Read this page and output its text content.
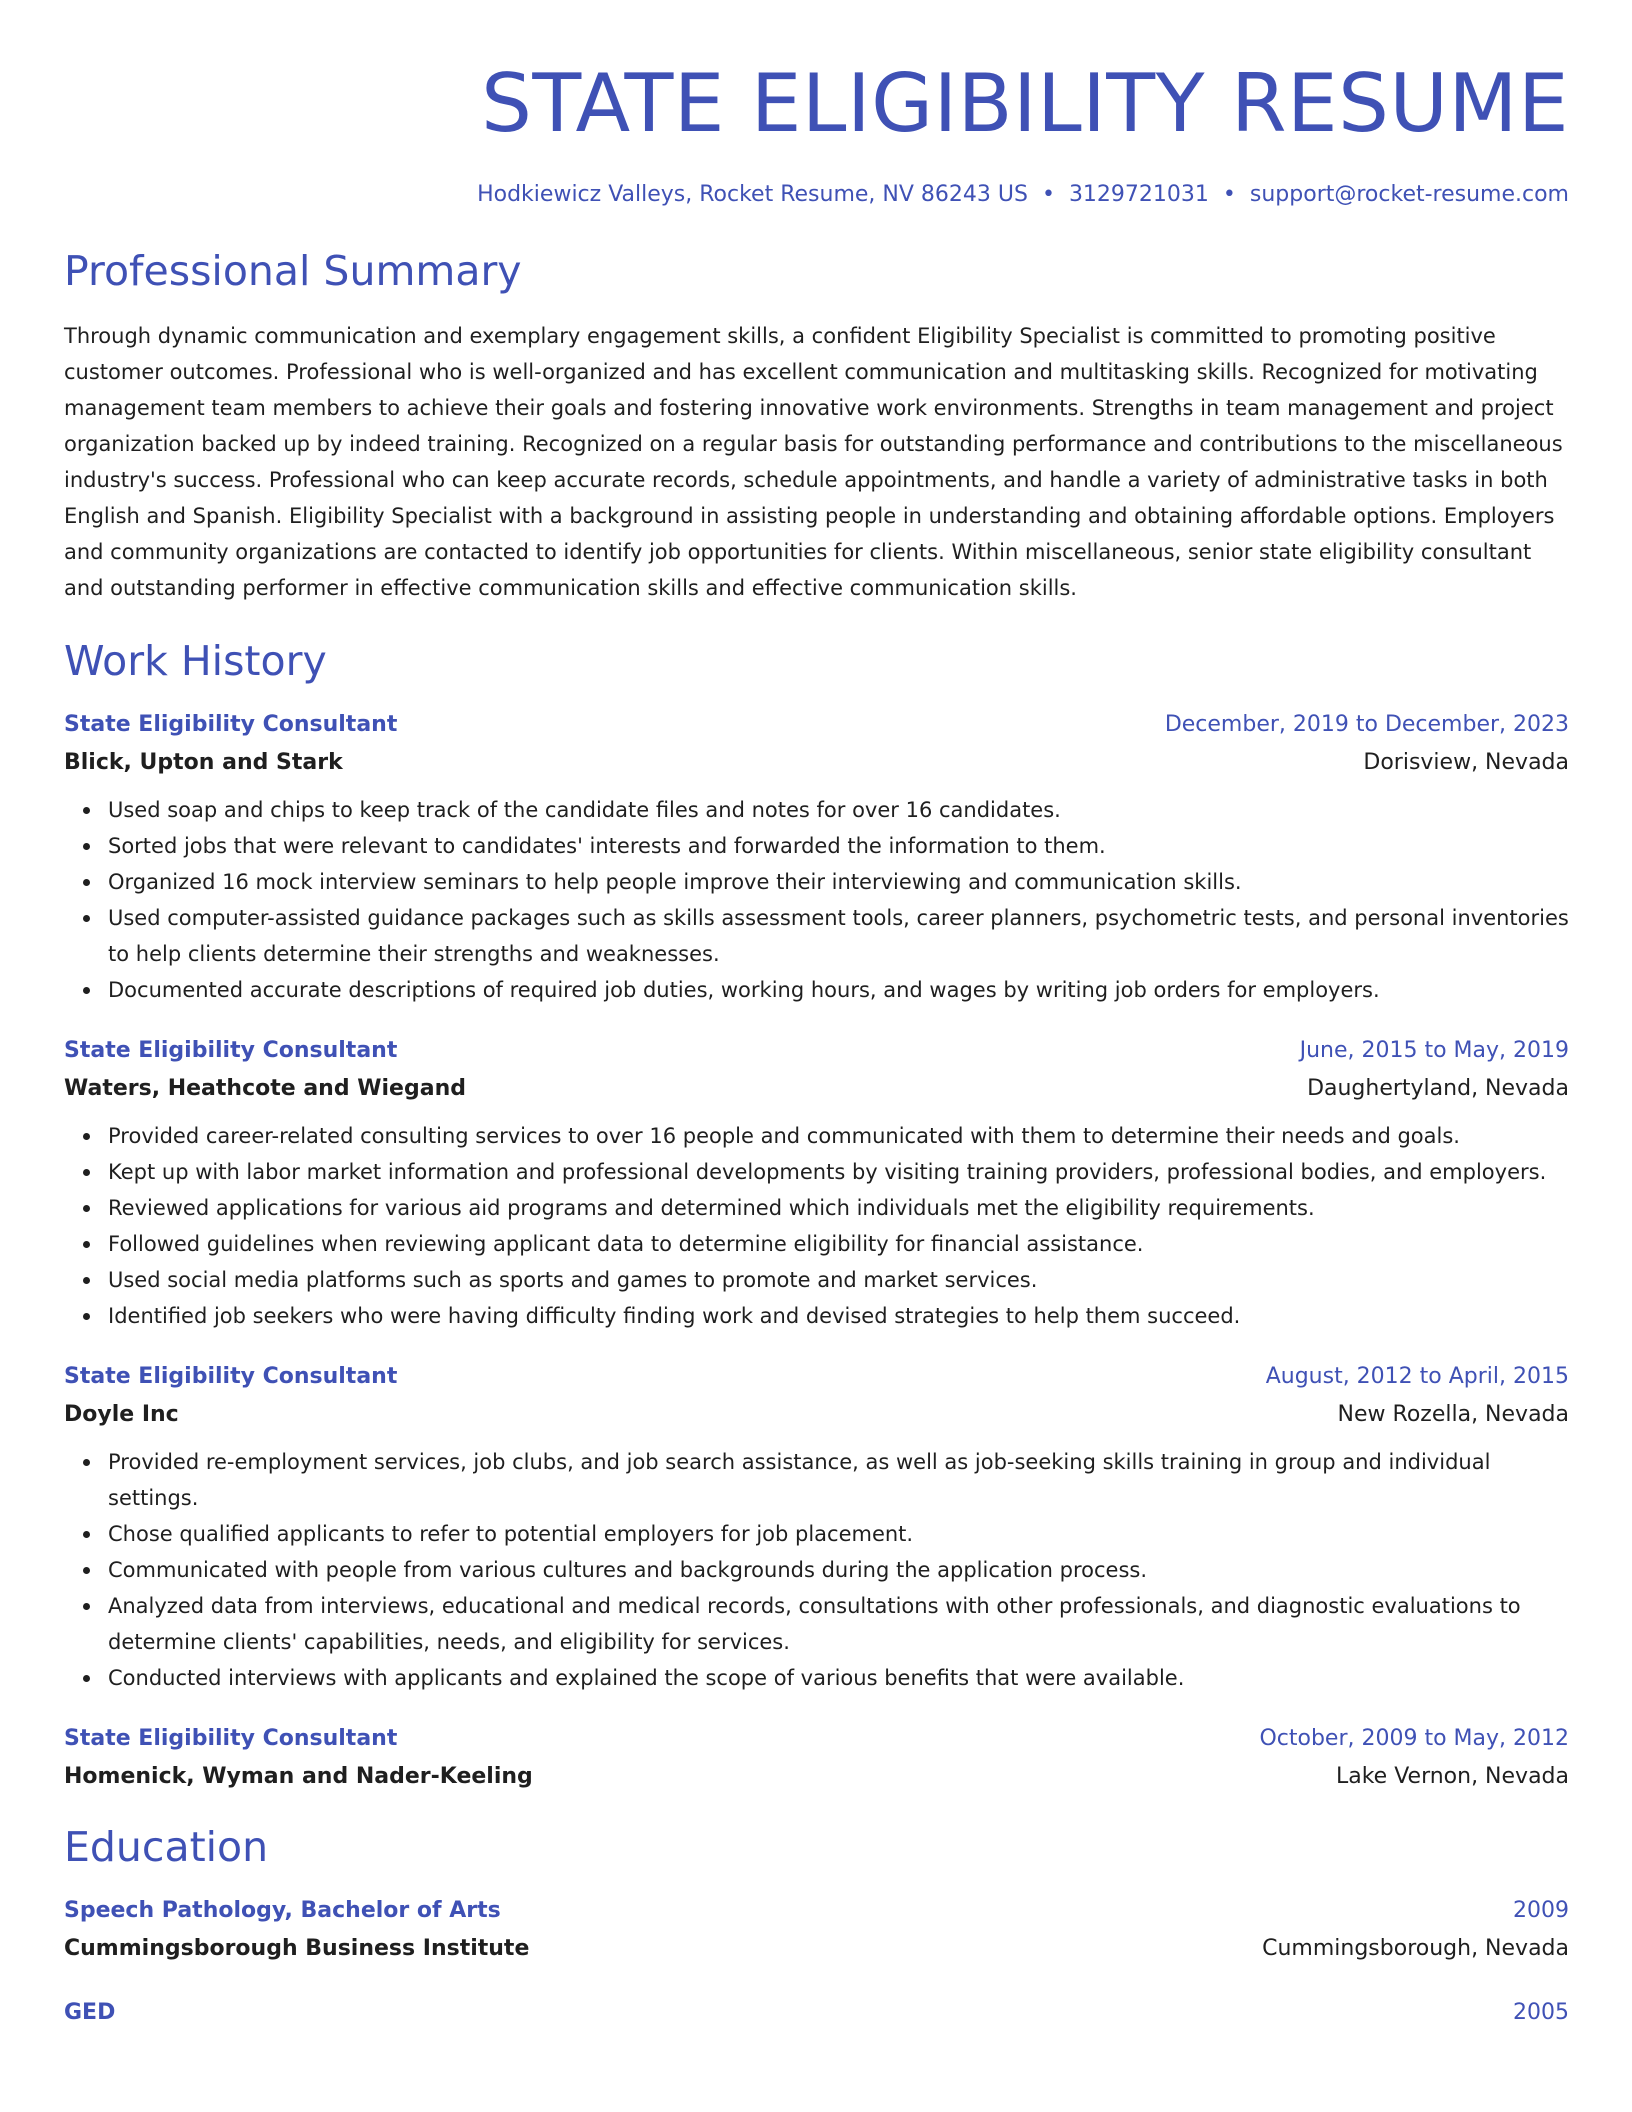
STATE ELIGIBILITY RESUME
Hodkiewicz Valleys, Rocket Resume, NV 86243 US • 3129721031 • support@rocket-resume.com
Professional Summary

Through dynamic communication and exemplary engagement skills, a confident Eligibility Specialist is committed to promoting positive customer outcomes. Professional who is well-organized and has excellent communication and multitasking skills. Recognized for motivating management team members to achieve their goals and fostering innovative work environments. Strengths in team management and project organization backed up by indeed training. Recognized on a regular basis for outstanding performance and contributions to the miscellaneous industry's success. Professional who can keep accurate records, schedule appointments, and handle a variety of administrative tasks in both English and Spanish. Eligibility Specialist with a background in assisting people in understanding and obtaining affordable options. Employers and community organizations are contacted to identify job opportunities for clients. Within miscellaneous, senior state eligibility consultant and outstanding performer in effective communication skills and effective communication skills.

Work History
State Eligibility Consultant	December, 2019 to December, 2023
Blick, Upton and Stark	Dorisview, Nevada
Used soap and chips to keep track of the candidate files and notes for over 16 candidates.
Sorted jobs that were relevant to candidates' interests and forwarded the information to them.
Organized 16 mock interview seminars to help people improve their interviewing and communication skills.
Used computer-assisted guidance packages such as skills assessment tools, career planners, psychometric tests, and personal inventories to help clients determine their strengths and weaknesses.
Documented accurate descriptions of required job duties, working hours, and wages by writing job orders for employers.
State Eligibility Consultant	June, 2015 to May, 2019
Waters, Heathcote and Wiegand	Daughertyland, Nevada
Provided career-related consulting services to over 16 people and communicated with them to determine their needs and goals.
Kept up with labor market information and professional developments by visiting training providers, professional bodies, and employers.
Reviewed applications for various aid programs and determined which individuals met the eligibility requirements.
Followed guidelines when reviewing applicant data to determine eligibility for financial assistance.
Used social media platforms such as sports and games to promote and market services.
Identified job seekers who were having difficulty finding work and devised strategies to help them succeed.
State Eligibility Consultant	August, 2012 to April, 2015
Doyle Inc	New Rozella, Nevada
Provided re-employment services, job clubs, and job search assistance, as well as job-seeking skills training in group and individual settings.
Chose qualified applicants to refer to potential employers for job placement.
Communicated with people from various cultures and backgrounds during the application process.
Analyzed data from interviews, educational and medical records, consultations with other professionals, and diagnostic evaluations to determine clients' capabilities, needs, and eligibility for services.
Conducted interviews with applicants and explained the scope of various benefits that were available.
State Eligibility Consultant	October, 2009 to May, 2012
Homenick, Wyman and Nader-Keeling	Lake Vernon, Nevada
Education
Speech Pathology, Bachelor of Arts	2009
Cummingsborough Business Institute	Cummingsborough, Nevada
GED	2005
